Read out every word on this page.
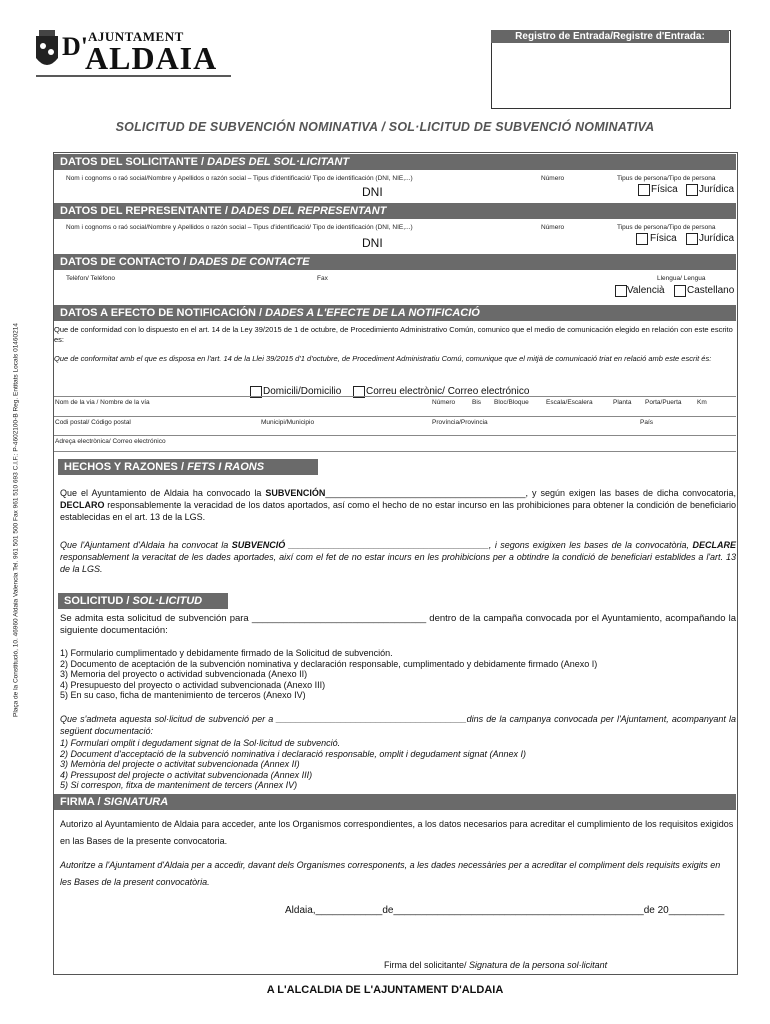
D' AJUNTAMENT
ALDAIA
Registro de Entrada/Registre d'Entrada:
SOLICITUD DE SUBVENCIÓN NOMINATIVA / SOL·LICITUD DE SUBVENCIÓ NOMINATIVA
Plaça de la Constitució, 10. 46960 Aldaia Valencia Tel. 961 501 500 Fax 961 510 693 C.I.F.: P-4602100-B Reg. Entitats Locals 01460214
DATOS DEL SOLICITANTE / DADES DEL SOL·LICITANT
Nom i cognoms o raó social/Nombre y Apellidos o razón social – Tipus d'identificació/ Tipo de identificación (DNI, NIE,...)	Número	Tipus de persona/Tipo de persona
DNI	Física Jurídica
DATOS DEL REPRESENTANTE / DADES DEL REPRESENTANT
Nom i cognoms o raó social/Nombre y Apellidos o razón social – Tipus d'identificació/ Tipo de identificación (DNI, NIE,...)	Número	Tipus de persona/Tipo de persona
DNI	Física Jurídica
DATOS DE CONTACTO / DADES DE CONTACTE
Telèfon/ Teléfono	Fax	Llengua/ Lengua
Valencià Castellano
DATOS A EFECTO DE NOTIFICACIÓN / DADES A L'EFECTE DE LA NOTIFICACIÓ
Que de conformidad con lo dispuesto en el art. 14 de la Ley 39/2015 de 1 de octubre, de Procedimiento Administrativo Común, comunico que el medio de comunicación elegido en relación con este escrito es:
Que de conformitat amb el que es disposa en l'art. 14 de la Llei 39/2015 d'1 d'octubre, de Procediment Administratiu Comú, comunique que el mitjà de comunicació triat en relació amb este escrit és:
Domicili/Domicilio Correu electrònic/ Correo electrónico
Nom de la via / Nombre de la vía	Número	Bis Bloc/Bloque	Escala/Escalera	Planta Porta/Puerta Km
Codi postal/ Código postal	Municipi/Municipio	Província/Provincia	País
Adreça electrònica/ Correo electrónico
HECHOS Y RAZONES / FETS I RAONS
Que el Ayuntamiento de Aldaia ha convocado la SUBVENCIÓN________________________________________, y según exigen las bases de dicha convocatoria, DECLARO responsablemente la veracidad de los datos aportados, así como el hecho de no estar incurso en las prohibiciones para obtener la condición de beneficiario establecidas en el art. 13 de la LGS.
Que l'Ajuntament d'Aldaia ha convocat la SUBVENCIÓ ________________________________________, i segons exigixen les bases de la convocatòria, DECLARE responsablement la veracitat de les dades aportades, així com el fet de no estar incurs en les prohibicions per a obtindre la condició de beneficiari establides a l'art. 13 de la LGS.
SOLICITUD / SOL·LICITUD
Se admita esta solicitud de subvención para _________________________________ dentro de la campaña convocada por el Ayuntamiento, acompañando la siguiente documentación:
1) Formulario cumplimentado y debidamente firmado de la Solicitud de subvención.
2) Documento de aceptación de la subvención nominativa y declaración responsable, cumplimentado y debidamente firmado (Anexo I)
3) Memoria del proyecto o actividad subvencionada (Anexo II)
4) Presupuesto del proyecto o actividad subvencionada (Anexo III)
5) En su caso, ficha de mantenimiento de terceros (Anexo IV)
Que s'admeta aquesta sol·licitud de subvenció per a ______________________________________dins de la campanya convocada per l'Ajuntament, acompanyant la següent documentació:
1) Formulari omplit i degudament signat de la Sol·licitud de subvenció.
2) Document d'acceptació de la subvenció nominativa i declaració responsable, omplit i degudament signat (Annex I)
3) Memòria del projecte o activitat subvencionada (Annex II)
4) Pressupost del projecte o activitat subvencionada (Annex III)
5) Si correspon, fitxa de manteniment de tercers (Annex IV)
FIRMA / SIGNATURA
Autorizo al Ayuntamiento de Aldaia para acceder, ante los Organismos correspondientes, a los datos necesarios para acreditar el cumplimiento de los requisitos exigidos en las Bases de la presente convocatoria.
Autoritze a l'Ajuntament d'Aldaia per a accedir, davant dels Organismes corresponents, a les dades necessàries per a acreditar el compliment dels requisits exigits en les Bases de la present convocatòria.
Aldaia,____________de_____________________________________________de 20__________
Firma del solicitante/ Signatura de la persona sol·licitant
A L'ALCALDIA DE L'AJUNTAMENT D'ALDAIA
